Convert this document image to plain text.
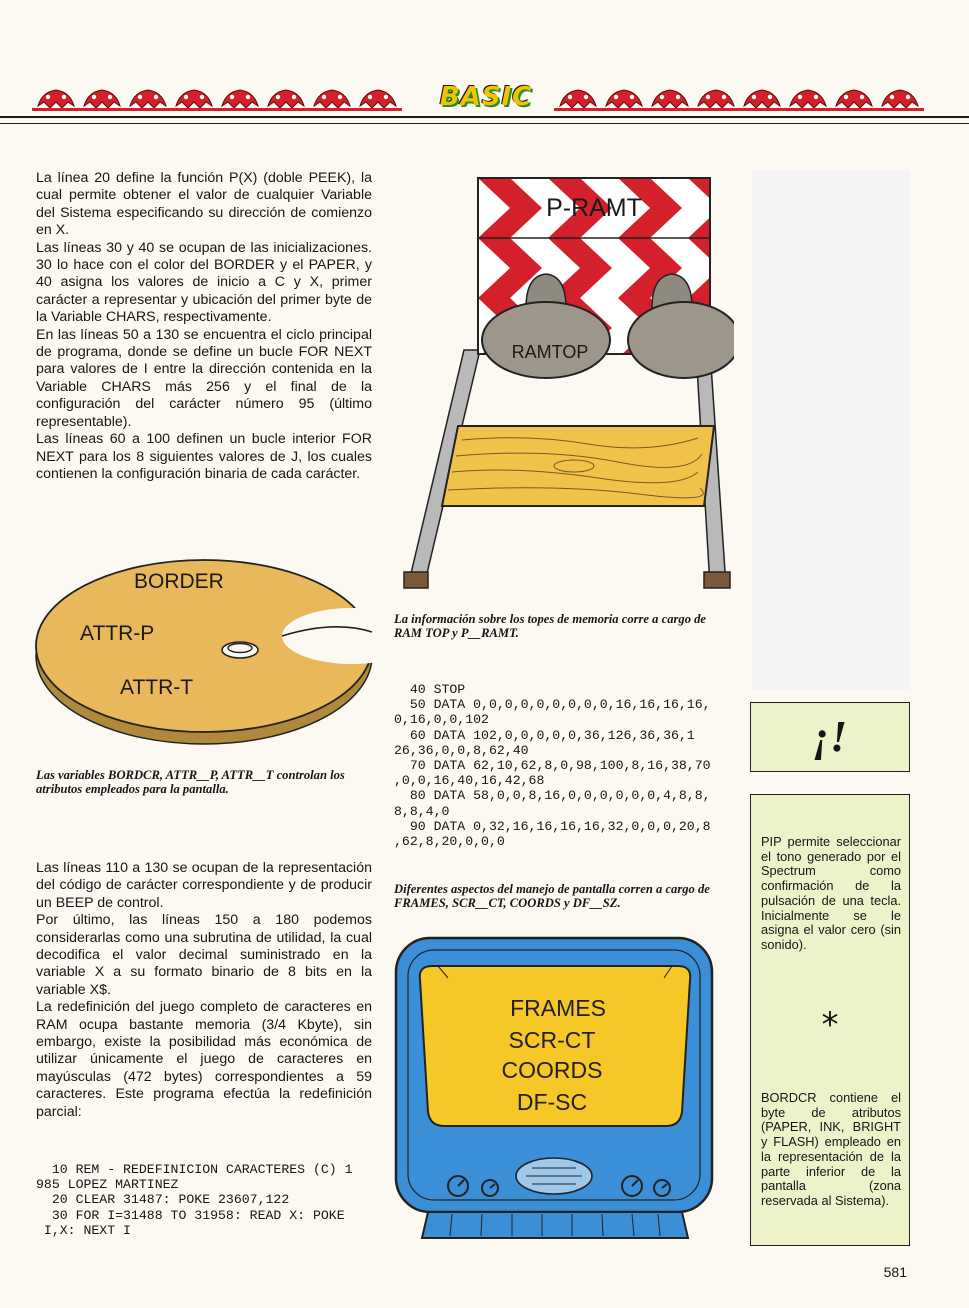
BASIC

La línea 20 define la función P(X) (doble PEEK), la cual permite obtener el valor de cualquier Variable del Sistema especificando su dirección de comienzo en X.

Las líneas 30 y 40 se ocupan de las inicializaciones. 30 lo hace con el color del BORDER y el PAPER, y 40 asigna los valores de inicio a C y X, primer carácter a representar y ubicación del primer byte de la Variable CHARS, respectivamente.

En las líneas 50 a 130 se encuentra el ciclo principal de programa, donde se define un bucle FOR NEXT para valores de I entre la dirección contenida en la Variable CHARS más 256 y el final de la configuración del carácter número 95 (último representable).

Las líneas 60 a 100 definen un bucle interior FOR NEXT para los 8 siguientes valores de J, los cuales contienen la configuración binaria de cada carácter.

BORDER
ATTR-P
ATTR-T
Las variables BORDCR, ATTR__P, ATTR__T controlan los atributos empleados para la pantalla.

Las líneas 110 a 130 se ocupan de la representación del código de carácter correspondiente y de producir un BEEP de control.

Por último, las líneas 150 a 180 podemos considerarlas como una subrutina de utilidad, la cual decodifica el valor decimal suministrado en la variable X a su formato binario de 8 bits en la variable X$.

La redefinición del juego completo de caracteres en RAM ocupa bastante memoria (3/4 Kbyte), sin embargo, existe la posibilidad más económica de utilizar únicamente el juego de caracteres en mayúsculas (472 bytes) correspondientes a 59 caracteres. Este programa efectúa la redefinición parcial:

10 REM - REDEFINICION CARACTERES (C) 1
985 LOPEZ MARTINEZ
20 CLEAR 31487: POKE 23607,122
30 FOR I=31488 TO 31958: READ X: POKE
I,X: NEXT I
P-RAMT
RAMTOP
La información sobre los topes de memoria corre a cargo de RAM TOP y P__RAMT.
40 STOP
50 DATA 0,0,0,0,0,0,0,0,0,16,16,16,16,
0,16,0,0,102
60 DATA 102,0,0,0,0,0,36,126,36,36,1
26,36,0,0,8,62,40
70 DATA 62,10,62,8,0,98,100,8,16,38,70
,0,0,16,40,16,42,68
80 DATA 58,0,0,8,16,0,0,0,0,0,0,4,8,8,
8,8,4,0
90 DATA 0,32,16,16,16,16,32,0,0,0,20,8
,62,8,20,0,0,0
Diferentes aspectos del manejo de pantalla corren a cargo de FRAMES, SCR__CT, COORDS y DF__SZ.
FRAMES
SCR-CT
COORDS
DF-SC
¡!

PIP permite seleccionar el tono generado por el Spectrum como confirmación de la pulsación de una tecla. Inicialmente se le asigna el valor cero (sin sonido).

*

BORDCR contiene el byte de atributos (PAPER, INK, BRIGHT y FLASH) empleado en la representación de la parte inferior de la pantalla (zona reservada al Sistema).

581
